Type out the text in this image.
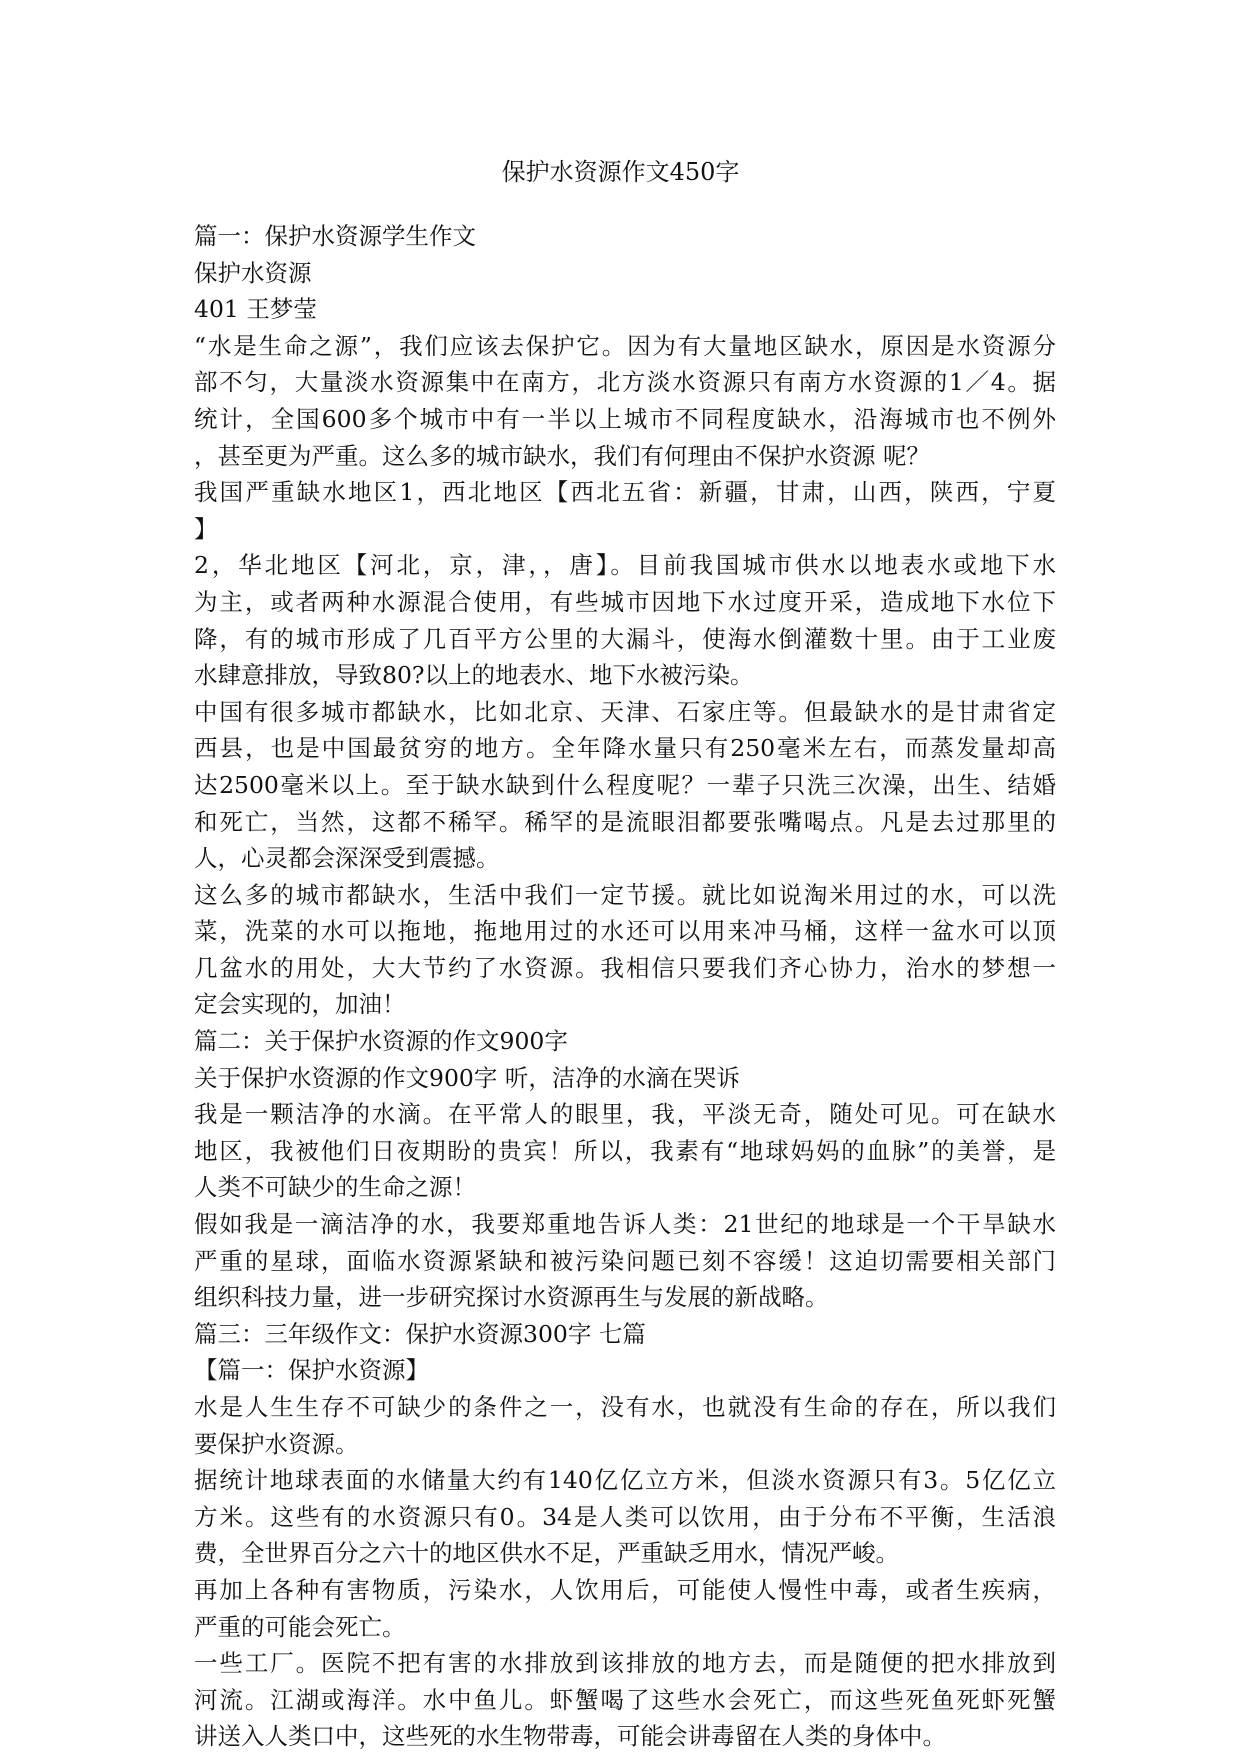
保护水资源作文450字
篇一：保护水资源学生作文
保护水资源
401 王梦莹
“水是生命之源”，我们应该去保护它。因为有大量地区缺水，原因是水资源分
部不匀，大量淡水资源集中在南方，北方淡水资源只有南方水资源的1／4。据
统计，全国600多个城市中有一半以上城市不同程度缺水，沿海城市也不例外
，甚至更为严重。这么多的城市缺水，我们有何理由不保护水资源 呢？
我国严重缺水地区1，西北地区【西北五省：新疆，甘肃，山西，陕西，宁夏
】
2，华北地区【河北，京，津，，唐】。目前我国城市供水以地表水或地下水
为主，或者两种水源混合使用，有些城市因地下水过度开采，造成地下水位下
降，有的城市形成了几百平方公里的大漏斗，使海水倒灌数十里。由于工业废
水肆意排放，导致80?以上的地表水、地下水被污染。
中国有很多城市都缺水，比如北京、天津、石家庄等。但最缺水的是甘肃省定
西县，也是中国最贫穷的地方。全年降水量只有250毫米左右，而蒸发量却高
达2500毫米以上。至于缺水缺到什么程度呢？一辈子只洗三次澡，出生、结婚
和死亡，当然，这都不稀罕。稀罕的是流眼泪都要张嘴喝点。凡是去过那里的
人，心灵都会深深受到震撼。
这么多的城市都缺水，生活中我们一定节援。就比如说淘米用过的水，可以洗
菜，洗菜的水可以拖地，拖地用过的水还可以用来冲马桶，这样一盆水可以顶
几盆水的用处，大大节约了水资源。我相信只要我们齐心协力，治水的梦想一
定会实现的，加油！
篇二：关于保护水资源的作文900字
关于保护水资源的作文900字 听，洁净的水滴在哭诉
我是一颗洁净的水滴。在平常人的眼里，我，平淡无奇，随处可见。可在缺水
地区，我被他们日夜期盼的贵宾！所以，我素有“地球妈妈的血脉”的美誉，是
人类不可缺少的生命之源！
假如我是一滴洁净的水，我要郑重地告诉人类：21世纪的地球是一个干旱缺水
严重的星球，面临水资源紧缺和被污染问题已刻不容缓！这迫切需要相关部门
组织科技力量，进一步研究探讨水资源再生与发展的新战略。
篇三：三年级作文：保护水资源300字 七篇
【篇一：保护水资源】
水是人生生存不可缺少的条件之一，没有水，也就没有生命的存在，所以我们
要保护水资源。
据统计地球表面的水储量大约有140亿亿立方米，但淡水资源只有3。5亿亿立
方米。这些有的水资源只有0。34是人类可以饮用，由于分布不平衡，生活浪
费，全世界百分之六十的地区供水不足，严重缺乏用水，情况严峻。
再加上各种有害物质，污染水，人饮用后，可能使人慢性中毒，或者生疾病，
严重的可能会死亡。
一些工厂。医院不把有害的水排放到该排放的地方去，而是随便的把水排放到
河流。江湖或海洋。水中鱼儿。虾蟹喝了这些水会死亡，而这些死鱼死虾死蟹
讲送入人类口中，这些死的水生物带毒，可能会讲毒留在人类的身体中。
